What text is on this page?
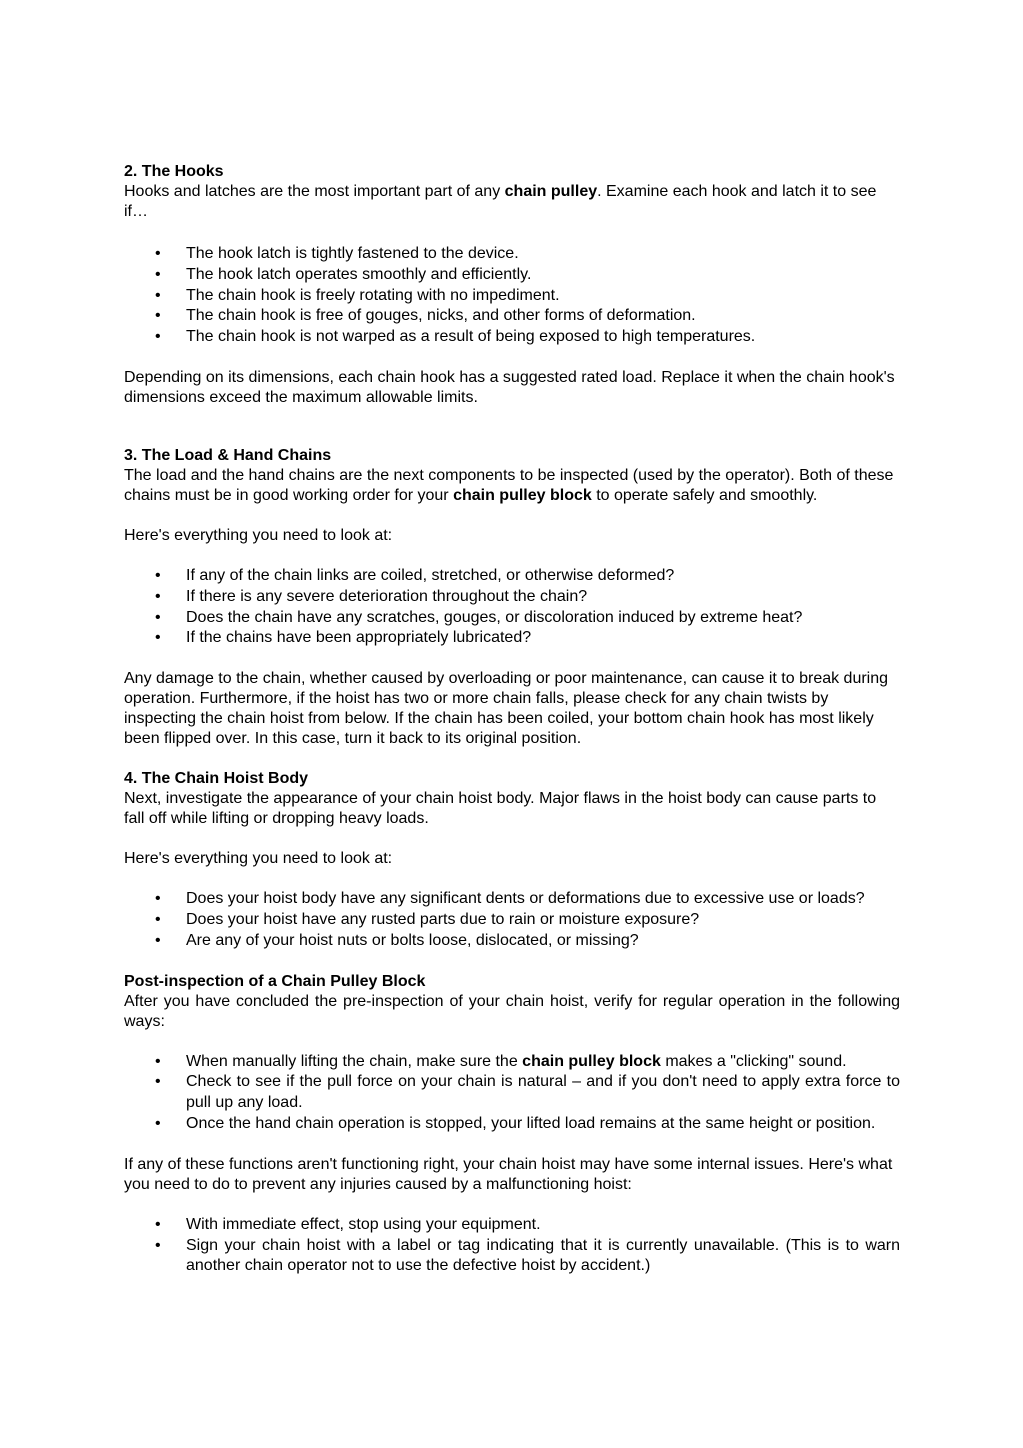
2. The Hooks

Hooks and latches are the most important part of any chain pulley. Examine each hook and latch it to see if…

• The hook latch is tightly fastened to the device.
• The hook latch operates smoothly and efficiently.
• The chain hook is freely rotating with no impediment.
• The chain hook is free of gouges, nicks, and other forms of deformation.
• The chain hook is not warped as a result of being exposed to high temperatures.

Depending on its dimensions, each chain hook has a suggested rated load. Replace it when the chain hook's dimensions exceed the maximum allowable limits.

3. The Load & Hand Chains

The load and the hand chains are the next components to be inspected (used by the operator). Both of these chains must be in good working order for your chain pulley block to operate safely and smoothly.

Here's everything you need to look at:

• If any of the chain links are coiled, stretched, or otherwise deformed?
• If there is any severe deterioration throughout the chain?
• Does the chain have any scratches, gouges, or discoloration induced by extreme heat?
• If the chains have been appropriately lubricated?

Any damage to the chain, whether caused by overloading or poor maintenance, can cause it to break during operation. Furthermore, if the hoist has two or more chain falls, please check for any chain twists by inspecting the chain hoist from below. If the chain has been coiled, your bottom chain hook has most likely been flipped over. In this case, turn it back to its original position.

4. The Chain Hoist Body

Next, investigate the appearance of your chain hoist body. Major flaws in the hoist body can cause parts to fall off while lifting or dropping heavy loads.

Here's everything you need to look at:

• Does your hoist body have any significant dents or deformations due to excessive use or loads?
• Does your hoist have any rusted parts due to rain or moisture exposure?
• Are any of your hoist nuts or bolts loose, dislocated, or missing?

Post-inspection of a Chain Pulley Block

After you have concluded the pre-inspection of your chain hoist, verify for regular operation in the following ways:

• When manually lifting the chain, make sure the chain pulley block makes a "clicking" sound.
• Check to see if the pull force on your chain is natural – and if you don't need to apply extra force to pull up any load.
• Once the hand chain operation is stopped, your lifted load remains at the same height or position.

If any of these functions aren't functioning right, your chain hoist may have some internal issues. Here's what you need to do to prevent any injuries caused by a malfunctioning hoist:

• With immediate effect, stop using your equipment.
• Sign your chain hoist with a label or tag indicating that it is currently unavailable. (This is to warn another chain operator not to use the defective hoist by accident.)
